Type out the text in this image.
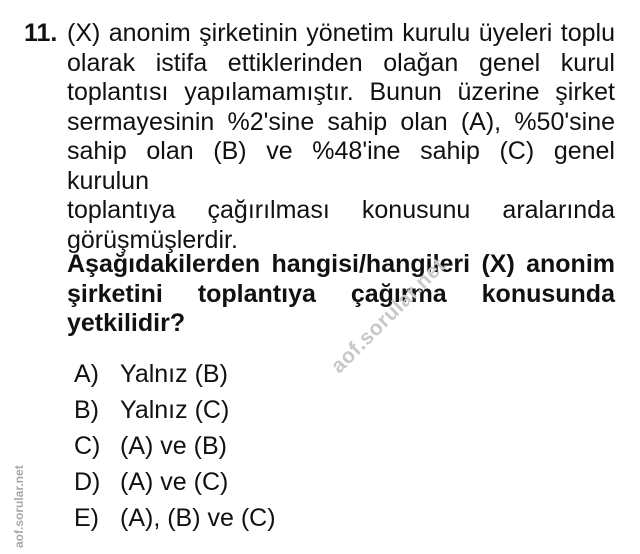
11. (X) anonim şirketinin yönetim kurulu üyeleri toplu
olarak istifa ettiklerinden olağan genel kurul
toplantısı yapılamamıştır. Bunun üzerine şirket
sermayesinin %2'sine sahip olan (A), %50'sine
sahip olan (B) ve %48'ine sahip (C) genel kurulun
toplantıya çağırılması konusunu aralarında
görüşmüşlerdir.
Aşağıdakilerden hangisi/hangileri (X) anonim
şirketini toplantıya çağırma konusunda
yetkilidir?
A) Yalnız (B)
B) Yalnız (C)
C) (A) ve (B)
D) (A) ve (C)
E) (A), (B) ve (C)
aof.sorular.net
aof.sorular.net
